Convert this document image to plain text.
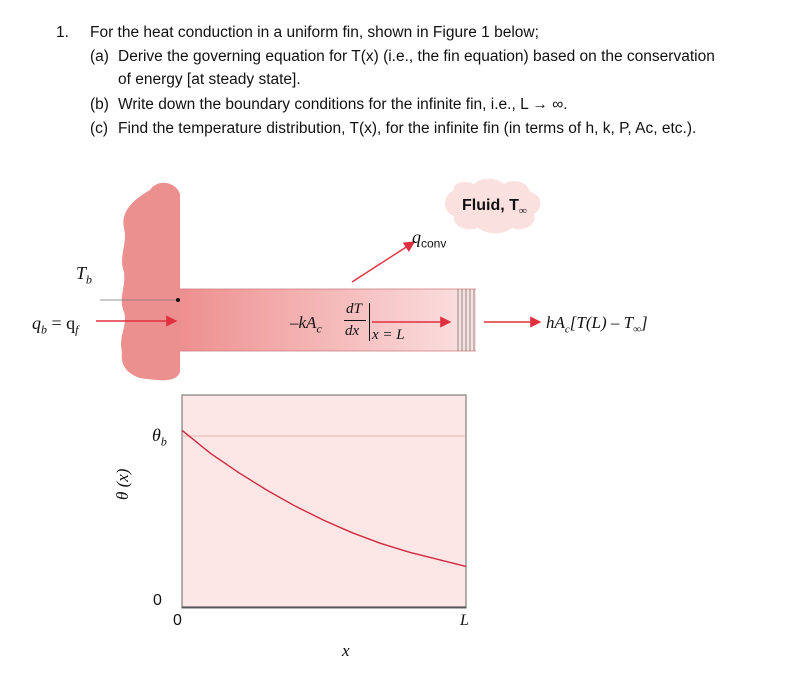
1. For the heat conduction in a uniform fin, shown in Figure 1 below;
(a) Derive the governing equation for T(x) (i.e., the fin equation) based on the conservation
of energy [at steady state].
(b) Write down the boundary conditions for the infinite fin, i.e., L → ∞.
(c) Find the temperature distribution, T(x), for the infinite fin (in terms of h, k, P, Aᴄ, etc.).
Fluid, $T_\infty$
$q_{conv}$
$T_b$
$q_b = q_f$	$-kA_c$
dT
dx x = L
$hA_c[T(L) - T_\infty]$
$\theta_b$
θ (x)
0
0	L
x
